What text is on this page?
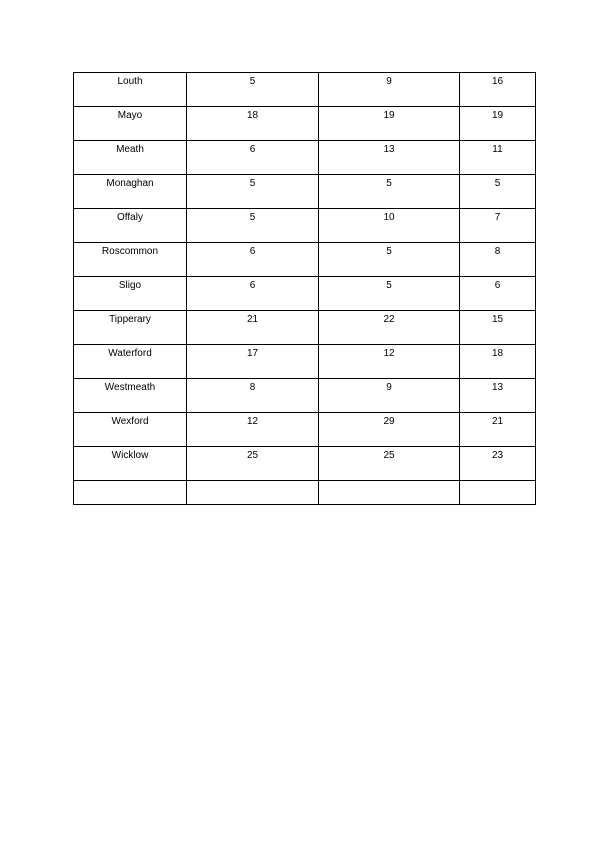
Louth	5	9	16

Mayo	18	19	19

Meath	6	13	11

Monaghan	5	5	5

Offaly	5	10	7

Roscommon	6	5	8

Sligo	6	5	6

Tipperary	21	22	15

Waterford	17	12	18

Westmeath	8	9	13

Wexford	12	29	21

Wicklow	25	25	23
